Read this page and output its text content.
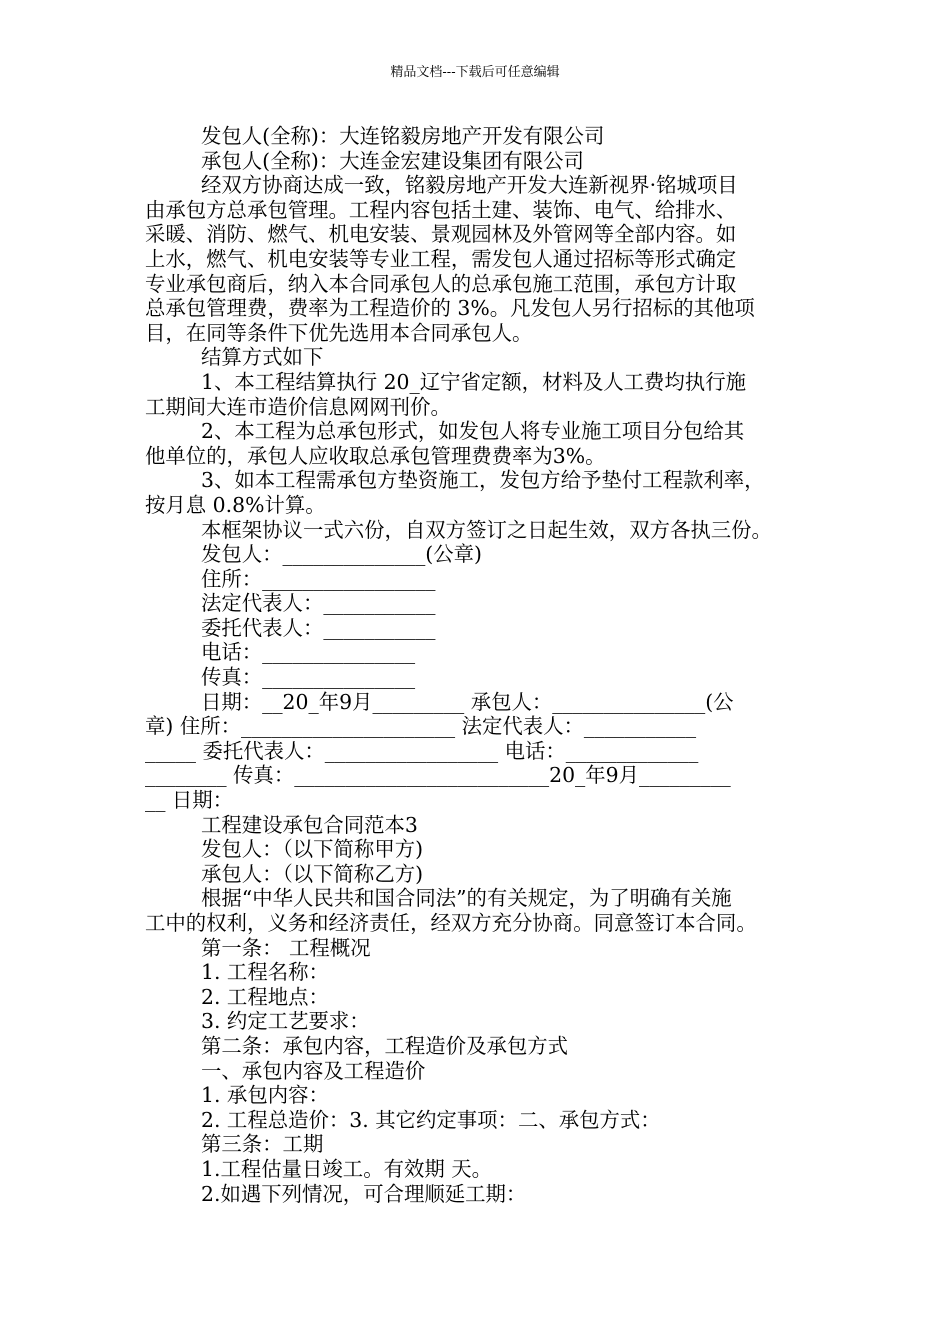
精品文档---下载后可任意编辑
发包人(全称)：大连铭毅房地产开发有限公司
承包人(全称)：大连金宏建设集团有限公司
经双方协商达成一致，铭毅房地产开发大连新视界·铭城项目
由承包方总承包管理。工程内容包括土建、装饰、电气、给排水、
采暖、消防、燃气、机电安装、景观园林及外管网等全部内容。如
上水，燃气、机电安装等专业工程，需发包人通过招标等形式确定
专业承包商后，纳入本合同承包人的总承包施工范围，承包方计取
总承包管理费，费率为工程造价的 3%。凡发包人另行招标的其他项
目，在同等条件下优先选用本合同承包人。
结算方式如下
1、本工程结算执行 20_辽宁省定额，材料及人工费均执行施
工期间大连市造价信息网网刊价。
2、本工程为总承包形式，如发包人将专业施工项目分包给其
他单位的，承包人应收取总承包管理费费率为3%。
3、如本工程需承包方垫资施工，发包方给予垫付工程款利率，
按月息 0.8%计算。
本框架协议一式六份，自双方签订之日起生效，双方各执三份。
发包人：______________(公章)
住所：_________________
法定代表人：___________
委托代表人：___________
电话：_______________
传真：_______________
日期：__20_年9月_________ 承包人：_______________(公
章) 住所：_____________________ 法定代表人：___________
_____ 委托代表人：_________________ 电话：_____________
________ 传真：_________________________20_年9月_________
__ 日期：
工程建设承包合同范本3
发包人：（以下简称甲方)
承包人：（以下简称乙方)
根据“中华人民共和国合同法”的有关规定，为了明确有关施
工中的权利，义务和经济责任，经双方充分协商。同意签订本合同。
第一条： 工程概况
1. 工程名称：
2. 工程地点：
3. 约定工艺要求：
第二条：承包内容，工程造价及承包方式
一、承包内容及工程造价
1. 承包内容：
2. 工程总造价：3. 其它约定事项：二、承包方式：
第三条：工期
1.工程估量日竣工。有效期 天。
2.如遇下列情况，可合理顺延工期：
